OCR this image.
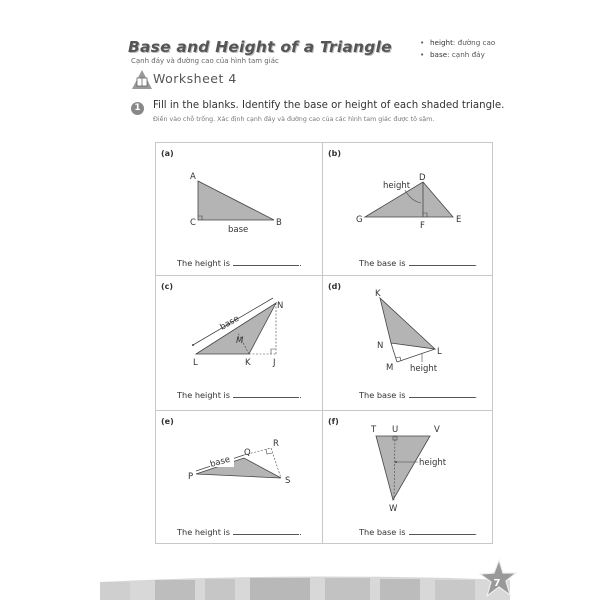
Base and Height of a Triangle
Cạnh đáy và đường cao của hình tam giác
• height: đường cao
• base: cạnh đáy
Worksheet 4
1	Fill in the blanks. Identify the base or height of each shaded triangle.
Điền vào chỗ trống. Xác định cạnh đáy và đường cao của các hình tam giác được tô sậm.
(a)
A
C	B
base
The height is	.
(b)
height
D
G
F
E
The base is	.
(c)
base
M
N
L	K	J
The height is	.
(d)
K
N
M
L
height
The base is	.
(e)
base
P
Q
R
S
The height is	.
(f)
T U	V
height
W
The base is	.
7
